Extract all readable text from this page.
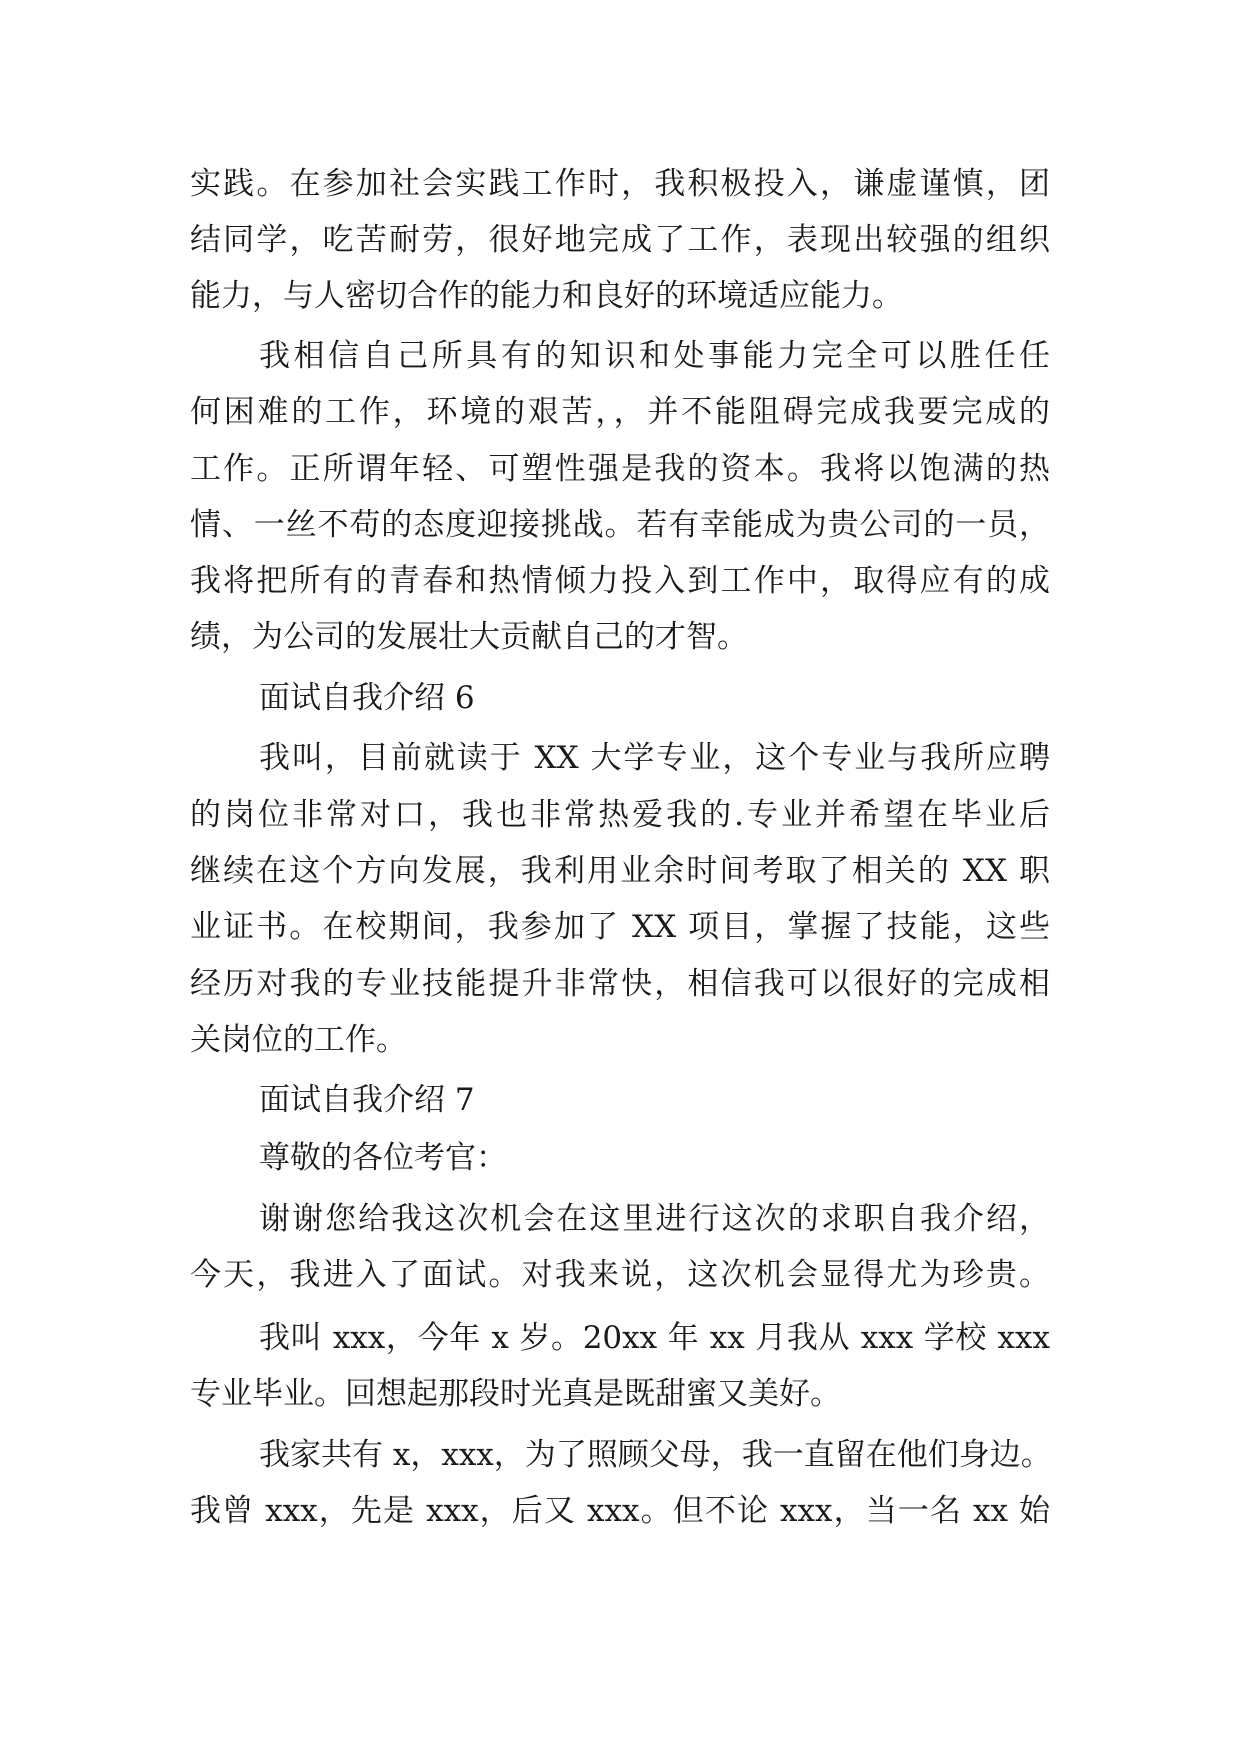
实践。在参加社会实践工作时，我积极投入，谦虚谨慎，团
结同学，吃苦耐劳，很好地完成了工作，表现出较强的组织
能力，与人密切合作的能力和良好的环境适应能力。
我相信自己所具有的知识和处事能力完全可以胜任任
何困难的工作，环境的艰苦，，并不能阻碍完成我要完成的
工作。正所谓年轻、可塑性强是我的资本。我将以饱满的热
情、一丝不苟的态度迎接挑战。若有幸能成为贵公司的一员，
我将把所有的青春和热情倾力投入到工作中，取得应有的成
绩，为公司的发展壮大贡献自己的才智。
面试自我介绍 6
我叫，目前就读于 XX 大学专业，这个专业与我所应聘
的岗位非常对口，我也非常热爱我的.专业并希望在毕业后
继续在这个方向发展，我利用业余时间考取了相关的 XX 职
业证书。在校期间，我参加了 XX 项目，掌握了技能，这些
经历对我的专业技能提升非常快，相信我可以很好的完成相
关岗位的工作。
面试自我介绍 7
尊敬的各位考官：
谢谢您给我这次机会在这里进行这次的求职自我介绍，
今天，我进入了面试。对我来说，这次机会显得尤为珍贵。
我叫 xxx，今年 x 岁。20xx 年 xx 月我从 xxx 学校 xxx
专业毕业。回想起那段时光真是既甜蜜又美好。
我家共有 x，xxx，为了照顾父母，我一直留在他们身边。
我曾 xxx，先是 xxx，后又 xxx。但不论 xxx，当一名 xx 始
